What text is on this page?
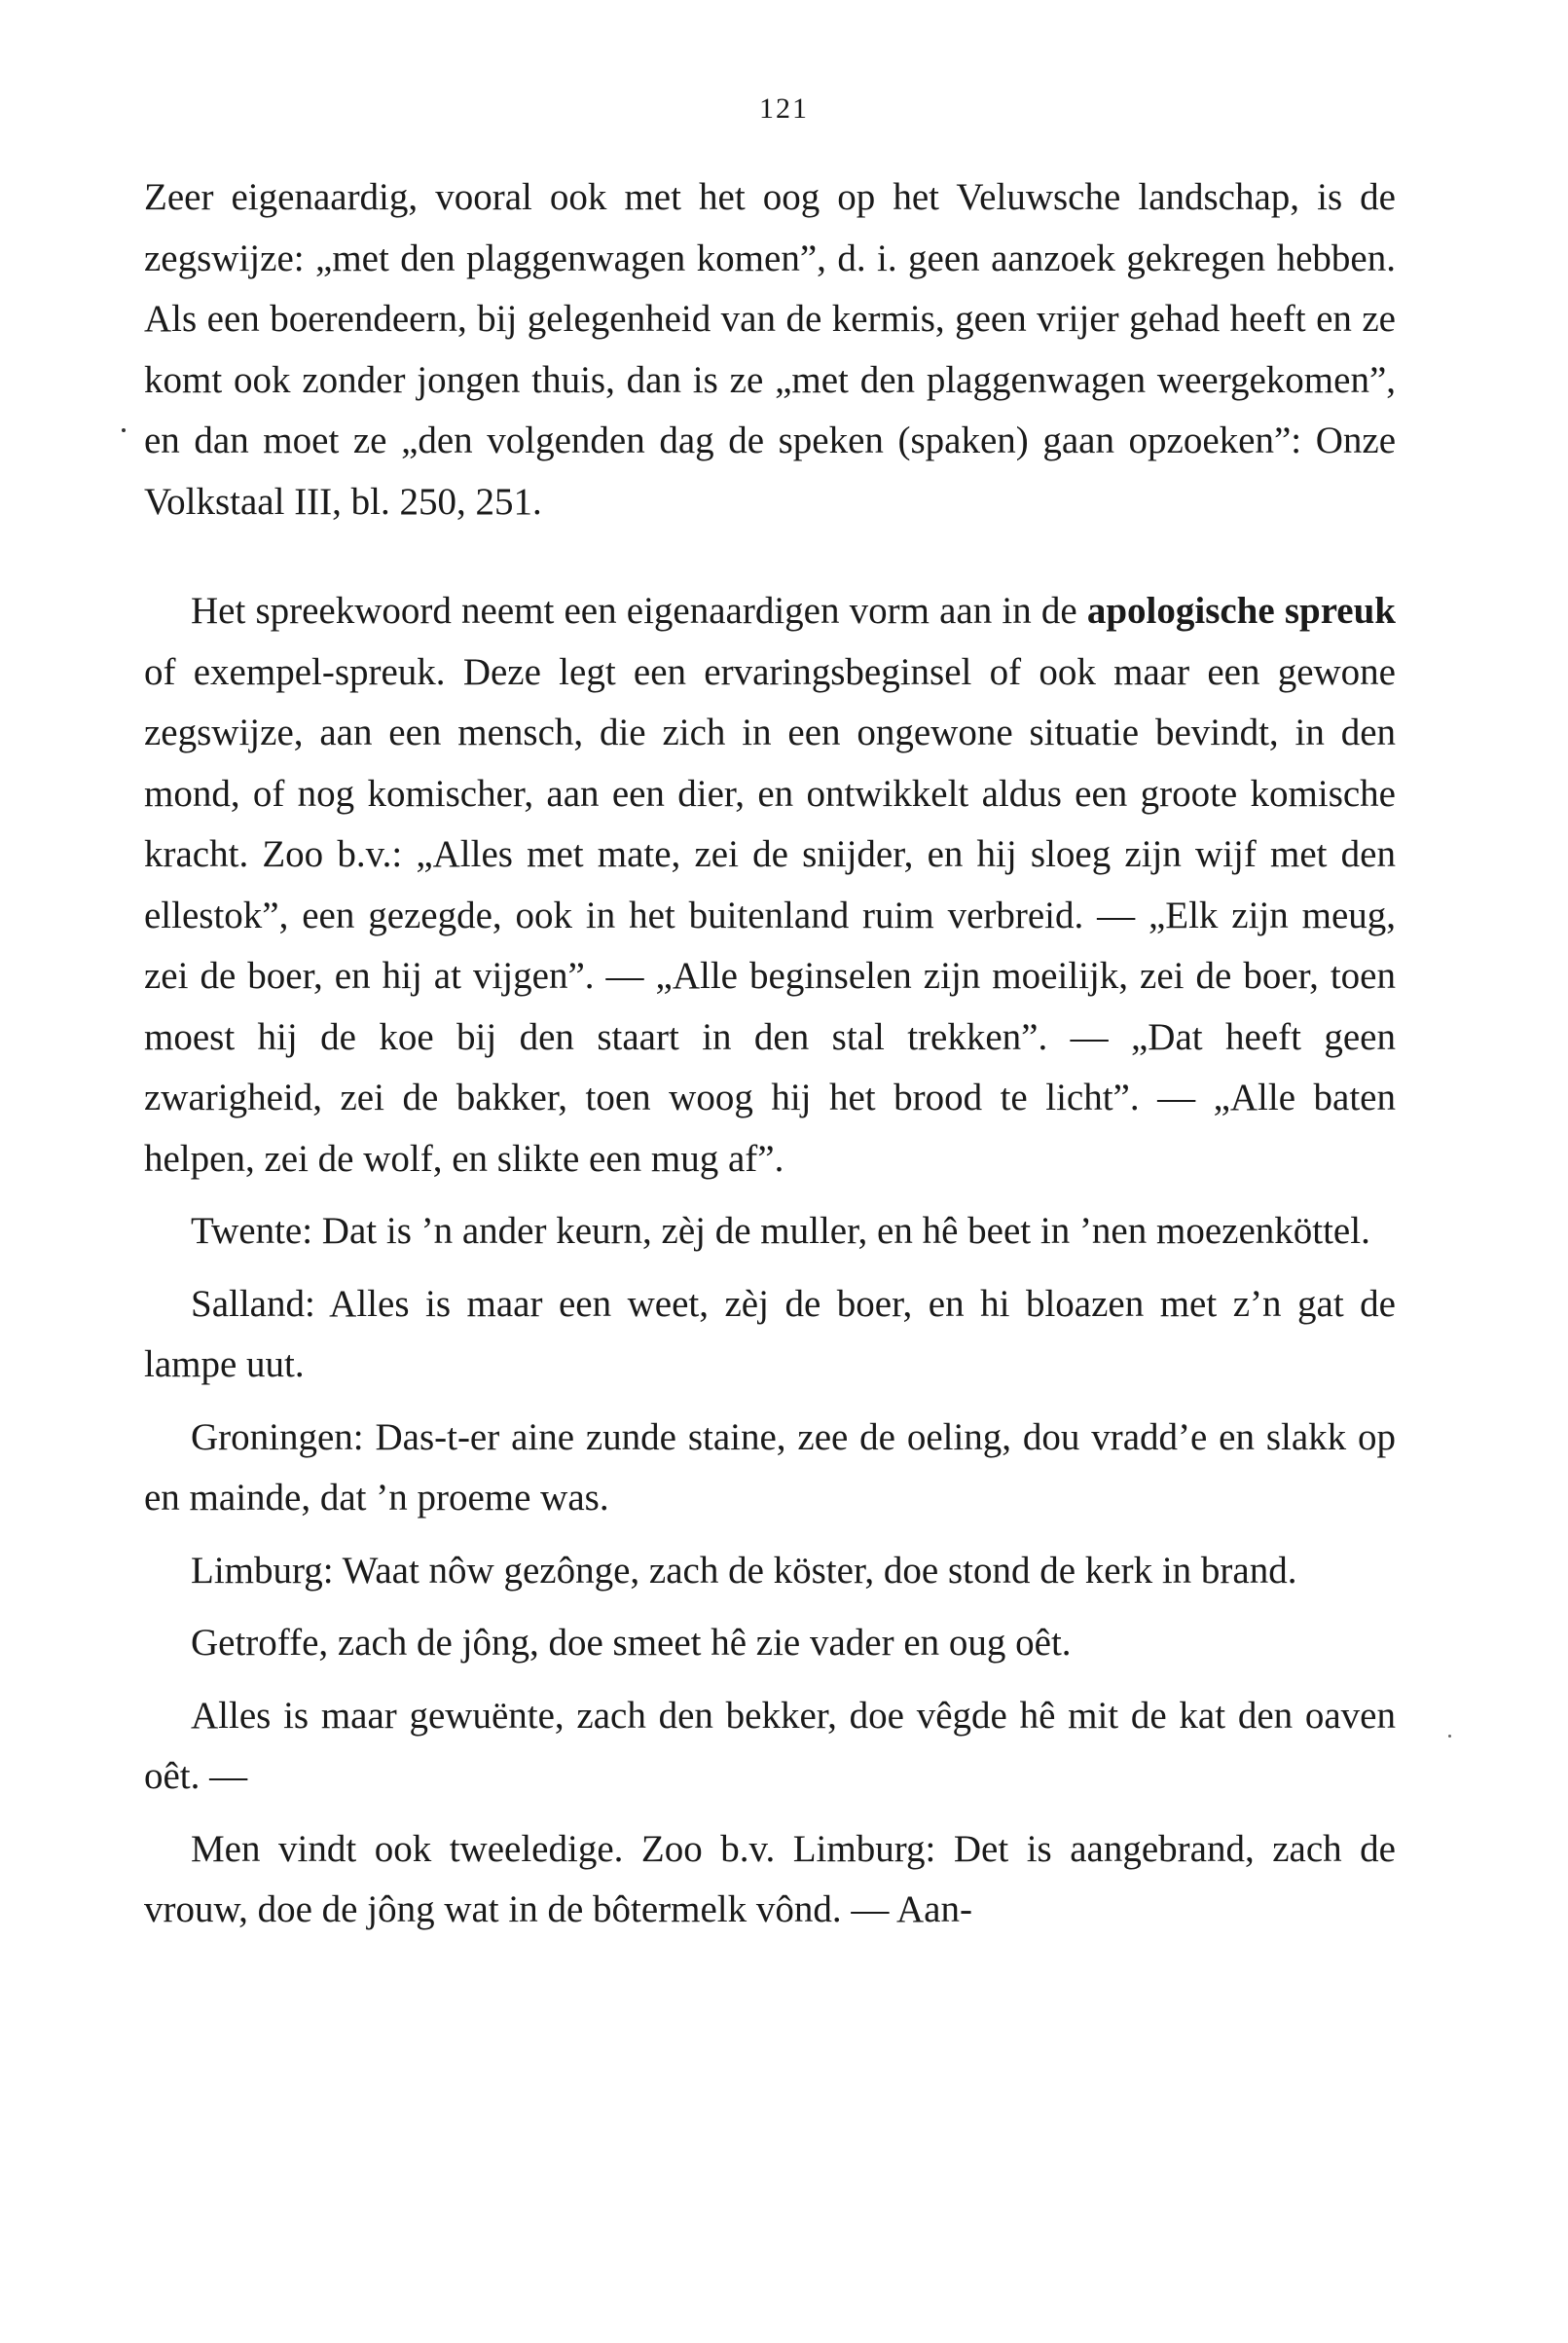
121

Zeer eigenaardig, vooral ook met het oog op het Veluwsche landschap, is de zegswijze: „met den plaggenwagen komen”, d. i. geen aanzoek gekregen hebben. Als een boerendeern, bij gelegenheid van de kermis, geen vrijer gehad heeft en ze komt ook zonder jongen thuis, dan is ze „met den plaggenwagen weergekomen”, en dan moet ze „den volgenden dag de speken (spaken) gaan opzoeken”: Onze Volkstaal III, bl. 250, 251.

Het spreekwoord neemt een eigenaardigen vorm aan in de apologische spreuk of exempel-spreuk. Deze legt een ervaringsbeginsel of ook maar een gewone zegswijze, aan een mensch, die zich in een ongewone situatie bevindt, in den mond, of nog komischer, aan een dier, en ontwikkelt aldus een groote komische kracht. Zoo b.v.: „Alles met mate, zei de snijder, en hij sloeg zijn wijf met den ellestok”, een gezegde, ook in het buitenland ruim verbreid. — „Elk zijn meug, zei de boer, en hij at vijgen”. — „Alle beginselen zijn moeilijk, zei de boer, toen moest hij de koe bij den staart in den stal trekken”. — „Dat heeft geen zwarigheid, zei de bakker, toen woog hij het brood te licht”. — „Alle baten helpen, zei de wolf, en slikte een mug af”.

Twente: Dat is ’n ander keurn, zèj de muller, en hê beet in ’nen moezenköttel.

Salland: Alles is maar een weet, zèj de boer, en hi bloazen met z’n gat de lampe uut.

Groningen: Das-t-er aine zunde staine, zee de oeling, dou vradd’e en slakk op en mainde, dat ’n proeme was.

Limburg: Waat nôw gezônge, zach de köster, doe stond de kerk in brand.

Getroffe, zach de jông, doe smeet hê zie vader en oug oêt.

Alles is maar gewuënte, zach den bekker, doe vêgde hê mit de kat den oaven oêt. —

Men vindt ook tweeledige. Zoo b.v. Limburg: Det is aangebrand, zach de vrouw, doe de jông wat in de bôtermelk vônd. — Aan-
